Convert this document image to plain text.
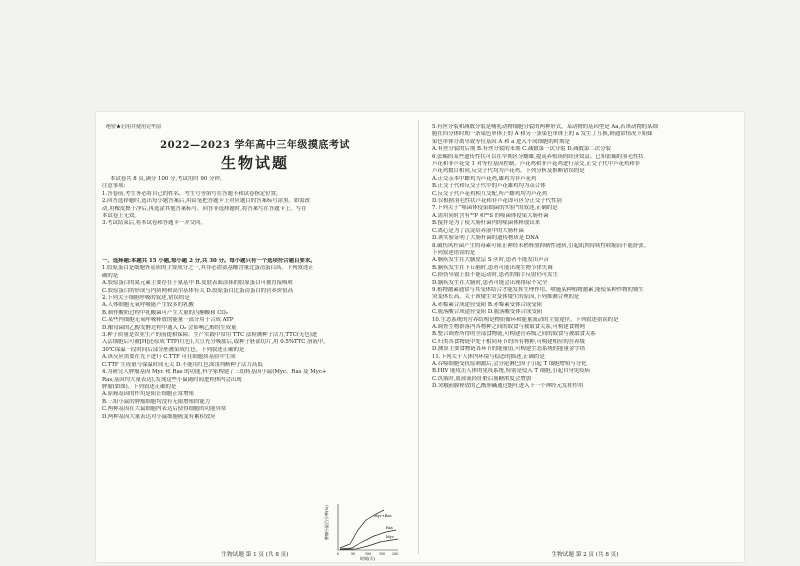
绝密★启用并使用完毕前
2022—2023 学年高中三年级摸底考试
生物试题
本试卷共 8 页,满分 100 分,考试用时 90 分钟。
注意事项:
1.答卷前,考生务必将自己的姓名、考生号等填写在答题卡和试卷指定位置。
2.回答选择题时,选出每小题答案后,用铅笔把答题卡上对应题目的答案标号涂黑。如需改
动,用橡皮擦干净后,再选涂其他答案标号。回答非选择题时,将答案写在答题卡上。写在
本试卷上无效。
3.考试结束后,将本试卷和答题卡一并交回。
一、选择题:本题共 15 小题,每小题 2 分,共 30 分。每小题只有一个选项符合题目要求。
1.胶原蛋白是细胞外基质的主要成分之一,其非必需氨基酸含量比蛋清蛋白高。下列叙述正
确的是
A.胶原蛋白的氮元素主要存在于氨基中 B.皮肤表面涂抹的胶原蛋白可被直接吸收
C.胶原蛋白的形成与内质网和高尔基体有关 D.胶原蛋白比蛋清蛋白的营养价值高
2.下列关于细胞呼吸的叙述,错误的是
A.人体细胞无氧呼吸能产生较多的乳酸
B.制作酸奶过程中乳酸菌可产生大量的丙酮酸和 CO₂
C.某些内细胞无氧呼吸释放的能量一部分用于合成 ATP
D.酿母菌的乙醇发酵过程中通入 O₂ 会影响乙醇的生成量
3.种子质量是农业生产的前提和保障。生产实践中常用 TTC 法检测种子活力,TTC(无色)进
入活细胞后可被[H]还原成 TTF(红色),大豆充分吸胀后,取种子胚部切片,用 0.5%TTC 溶液中,
30℃保温一段时间后部分胚被染成红色。下列叙述正确的是
A.该反应需要在光下进行 C.TTF 可在细胞质基质中生成
C.TTF 生成量与保温时间无关 D.不能用红色深浅判断种子活力高低
4.为研究人肿瘤基因 Myc 和 Ras 的功能,科学家构建了三组转基因小鼠(Myc、Ras 及 Myc+
Ras,基因均大量表达),发现这些小鼠随时间进程体内会出现
肿瘤(如图)。下列叙述正确的是
A.原癌基因的作用是阻止细胞正常增殖
B.三组小鼠的肿瘤细胞均没有无限增殖的能力
C.两种基因在大鼠细胞内表达后使得细胞的功能异常
D.两种基因大量表达对小鼠细胞癌变有累积效应
肿瘤小鼠百分率(%)
时间(天)
0	50	100 150 200
Myc+Ras
Ras
Myc
生物试题 第 1 页 (共 8 页)
5.有丝分裂和减数分裂是哺乳动物细胞分裂的两种形式。某动物的基因型是 Aa,若该动物的某细
胞在四分体时期一条染色单体上的 A 和另一条染色单体上的 a 发生了互换,则通常情况下姐妹
染色单体分离导致等位基因 A 和 a 进入不同细胞的时期是
A.有丝分裂的后期 B.有丝分裂的末期 C.减数第一次分裂 D.减数第二次分裂
6.张蜴的某些遗传性状可以在早期区分雌雄,提高养殖场的经济效益。已知张蜴的羽毛性状
芦花和非芦花受 1 对等位基因控制。芦花鸡和非芦花鸡进行杂交,正交子代中芦花鸡和非
芦花鸡数目相同,反交子代均为芦花鸡。下列分析及推断错误的是
A.正交亲本中雌鸡为芦花鸡,雄鸡为非芦花鸡
B.正交子代和反交子代中的芦花雄鸡均为杂合体
C.反交子代芦花鸡相互交配,所产雌鸡均为芦花鸡
D.仅根据羽毛性状芦花和非芦花即可区分正交子代性别
7.下列关于“噬菌体侵染细菌的实验”的叙述,正确的是
A.需用同时含有³²P 和³⁵S 的噬菌体侵染大肠杆菌
B.搅拌是为了使大肠杆菌内的噬菌体释放出来
C.离心是为了沉淀培养液中的大肠杆菌
D.该实验证明了大肠杆菌的遗传物质是 DNA
8.破伤风杆菌产生的毒素可阻止神经末梢释放抑制性递质,引起肌肉持续性收缩而不能舒张。
下列叙述错误的是
A.脑疾发生在大脑皮层 S 区时,患者不能发出声音
B.脑疾发生在下丘脑时,患者可能出现生物节律失调
C.损伤导致上肢不能运动时,患者的缩手反射仍可发生
D.脑疾发生在大脑时,患者可能会出现排尿不完全
9.植物激素通常与其受体结合才能发挥生理作用。喷施某种植物激素,能使某种作物的矮生
突变体长高。关于该矮生突变体矮生的原因,下列推测合理的是
A.赤霉素合成途径受阻 B.赤霉素受体合成受阻
C.脱落酸合成途径受阻 D.脱落酸受体合成受阻
10.生态系统的营养结构是物质循环和能量流动的主要途径。下列叙述错误的是
A.调查生物群落内各物种之间的取食与被取食关系,可构建食物网
B.整合调查所得的全部食物链,可构建营养级之间的取食与被取食关系
C.归类各食物链中处于相同环节的所有物种,可构建相应的营养级
D.测算主要食物链各环节的能量值,可构建生态系统的能量金字塔
11.下列关于人体内环境与稳态的描述,正确的是
A.吞噬细胞受抗原刺激后,会分泌淋巴因子引起 T 细胞增殖与分化
B.HIV 能攻击人体的免疫系统,特别是侵入 T 细胞,引起自身免疫病
C.饥饿时,血液流经肝脏后血糖浓度会增加
D.突触前膜释放的乙酰胆碱通过胞吐进入下一个神经元发挥作用
生物试题 第 2 页 (共 8 页)
